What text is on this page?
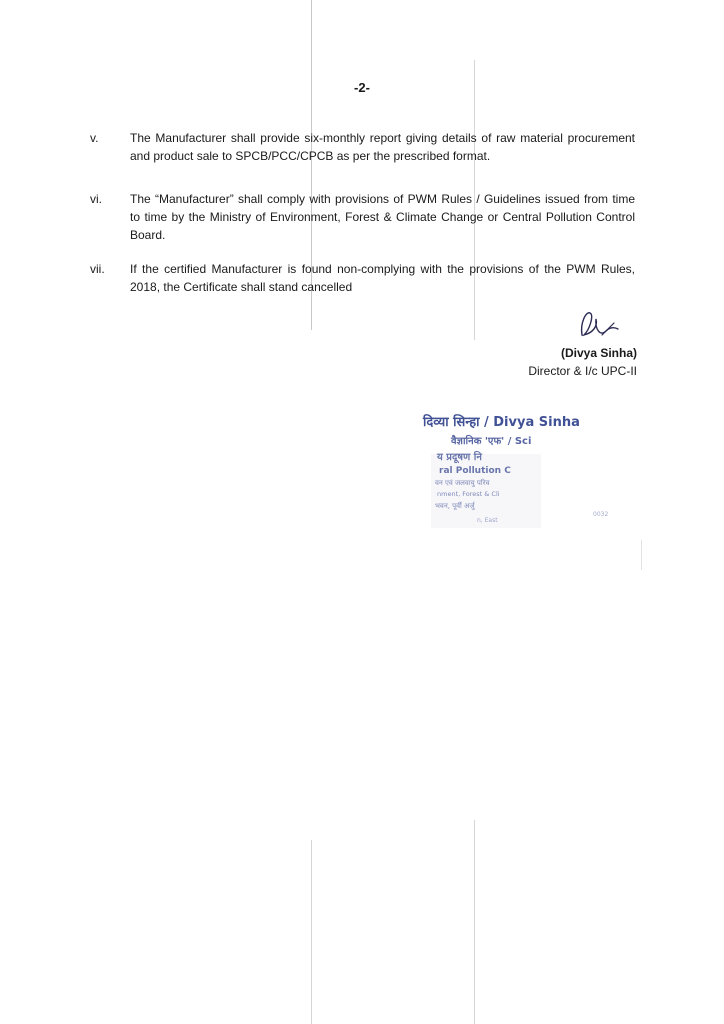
-2-
v.	The Manufacturer shall provide six-monthly report giving details of raw material procurement and product sale to SPCB/PCC/CPCB as per the prescribed format.
vi.	The “Manufacturer” shall comply with provisions of PWM Rules / Guidelines issued from time to time by the Ministry of Environment, Forest & Climate Change or Central Pollution Control Board.
vii.	If the certified Manufacturer is found non-complying with the provisions of the PWM Rules, 2018, the Certificate shall stand cancelled
(Divya Sinha)
Director & I/c UPC-II
दिव्या सिन्हा / Divya Sinha
वैज्ञानिक 'एफ' / Sci
य प्रदूषण नि
ral Pollution C
वन एवं जलवायु परिव
nment, Forest & Cli
भवन, पूर्वी अर्जु
n, East
0032
